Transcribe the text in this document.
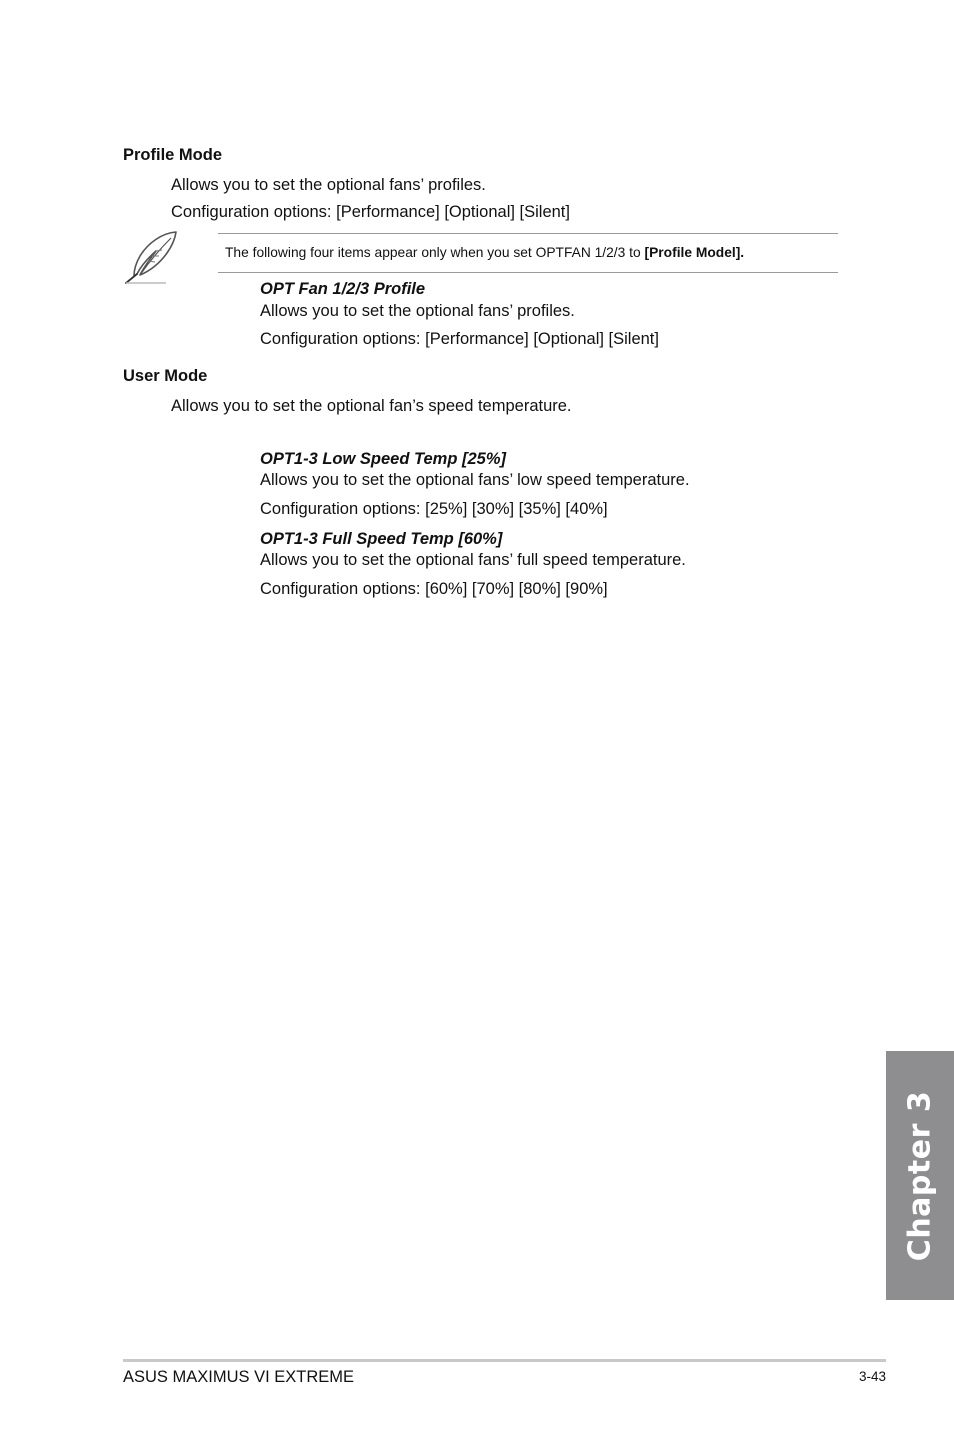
Profile Mode
Allows you to set the optional fans’ profiles.
Configuration options: [Performance] [Optional] [Silent]
The following four items appear only when you set OPTFAN 1/2/3 to [Profile Model].
OPT Fan 1/2/3 Profile
Allows you to set the optional fans’ profiles.
Configuration options: [Performance] [Optional] [Silent]
User Mode
Allows you to set the optional fan’s speed temperature.
OPT1-3 Low Speed Temp [25%]
Allows you to set the optional fans’ low speed temperature.
Configuration options: [25%] [30%] [35%] [40%]
OPT1-3 Full Speed Temp [60%]
Allows you to set the optional fans’ full speed temperature.
Configuration options: [60%] [70%] [80%] [90%]
Chapter 3
ASUS MAXIMUS VI EXTREME	3-43
